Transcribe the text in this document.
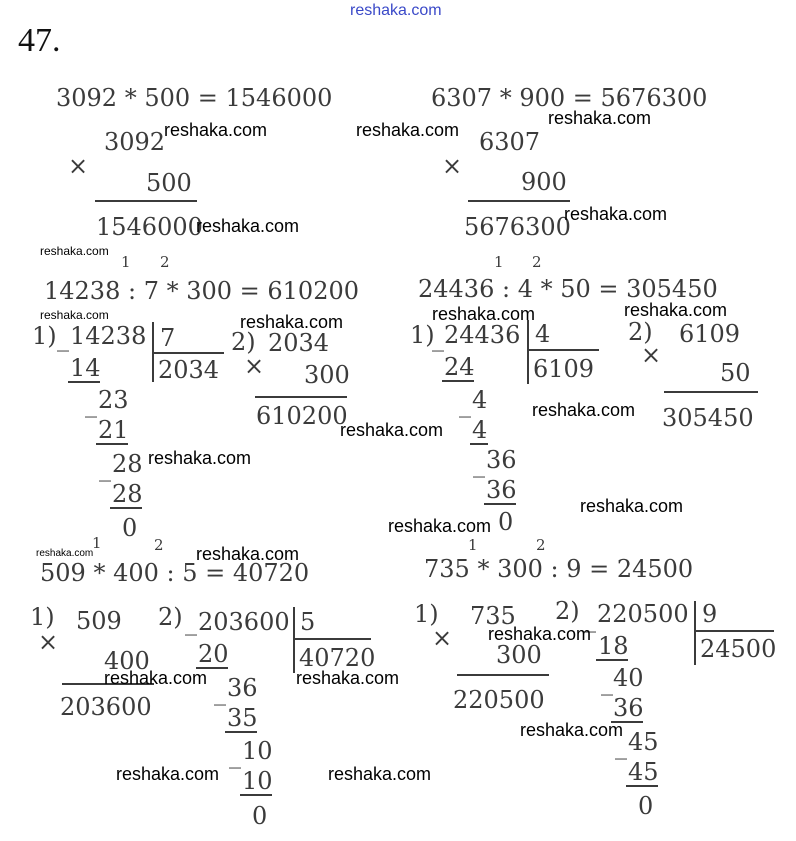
reshaka.com
47.
3092 * 500 = 1546000
×
3092
500
1546000
6307 * 900 = 5676300
×
6307
900
5676300
1 2
14238 : 7 * 300 = 610200
1) _ 14238 7
2034
14
_ 23
21
_ 28
28
0
2) 2034
× 300
610200
1 2
24436 : 4 * 50 = 305450
1)
_ 24436 4
6109
24
_ 4
4
_ 36
36
0
2) 6109
×
50
305450
1	2
509 * 400 : 5 = 40720
1) 509
×
400
203600
2) _ 203600 5
40720
20
_ 36
35
_ 10
10
0
1	2
735 * 300 : 9 = 24500
1) 735
×
300
220500
2) _ 220500 9
24500
18
_ 40
36
_ 45
45
0
reshaka.com	reshaka.com
reshaka.com
reshaka.com
reshaka.com
reshaka.com
reshaka.com	reshaka.com	reshaka.com	reshaka.com
reshaka.com
reshaka.com
reshaka.com
reshaka.com
reshaka.com
reshaka.com	reshaka.com
reshaka.com
reshaka.com	reshaka.com
reshaka.com
reshaka.com	reshaka.com
